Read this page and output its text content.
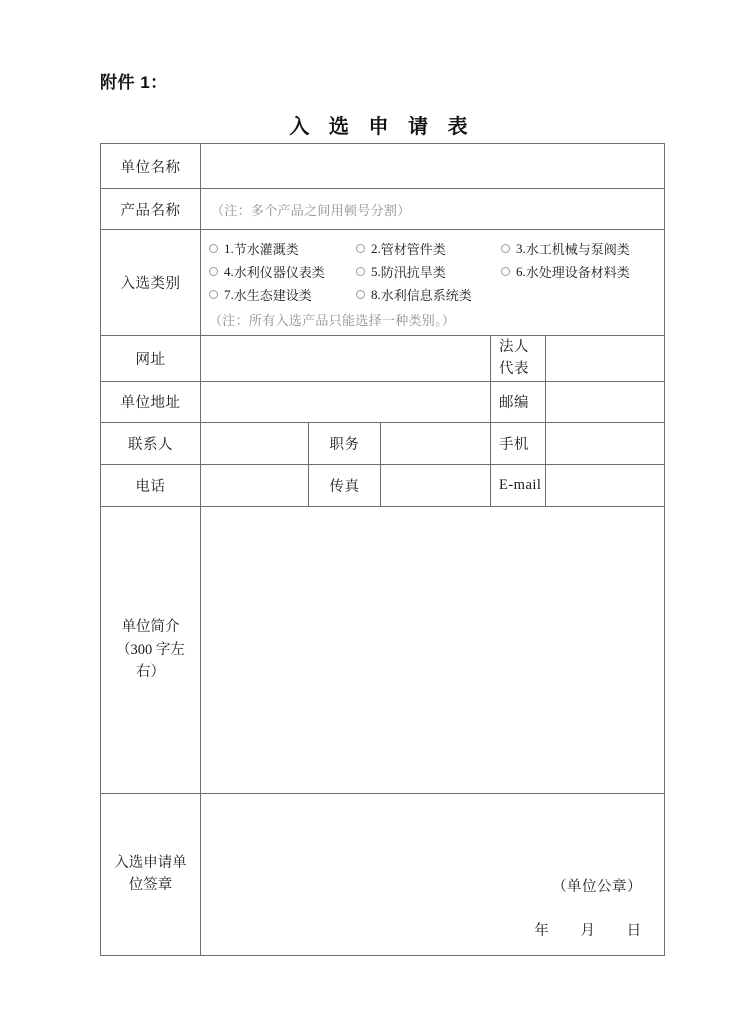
附件 1：
入 选 申 请 表
单位名称					
产品名称	（注：多个产品之间用顿号分割）				

入选类别	
1. 节水灌溉类	2. 管材管件类	3. 水工机械与泵阀类
4. 水利仪器仪表类	5. 防汛抗旱类	6. 水处理设备材料类
7. 水生态建设类	8. 水利信息系统类
（注：所有入选产品只能选择一种类别。）

网址				法人
代表	

单位地址				邮编	
联系人		职务		手机	
电话		传真		E-mail	

单位简介
（300 字左
右）					

入选申请单
位签章	（单位公章）
年 月 日
